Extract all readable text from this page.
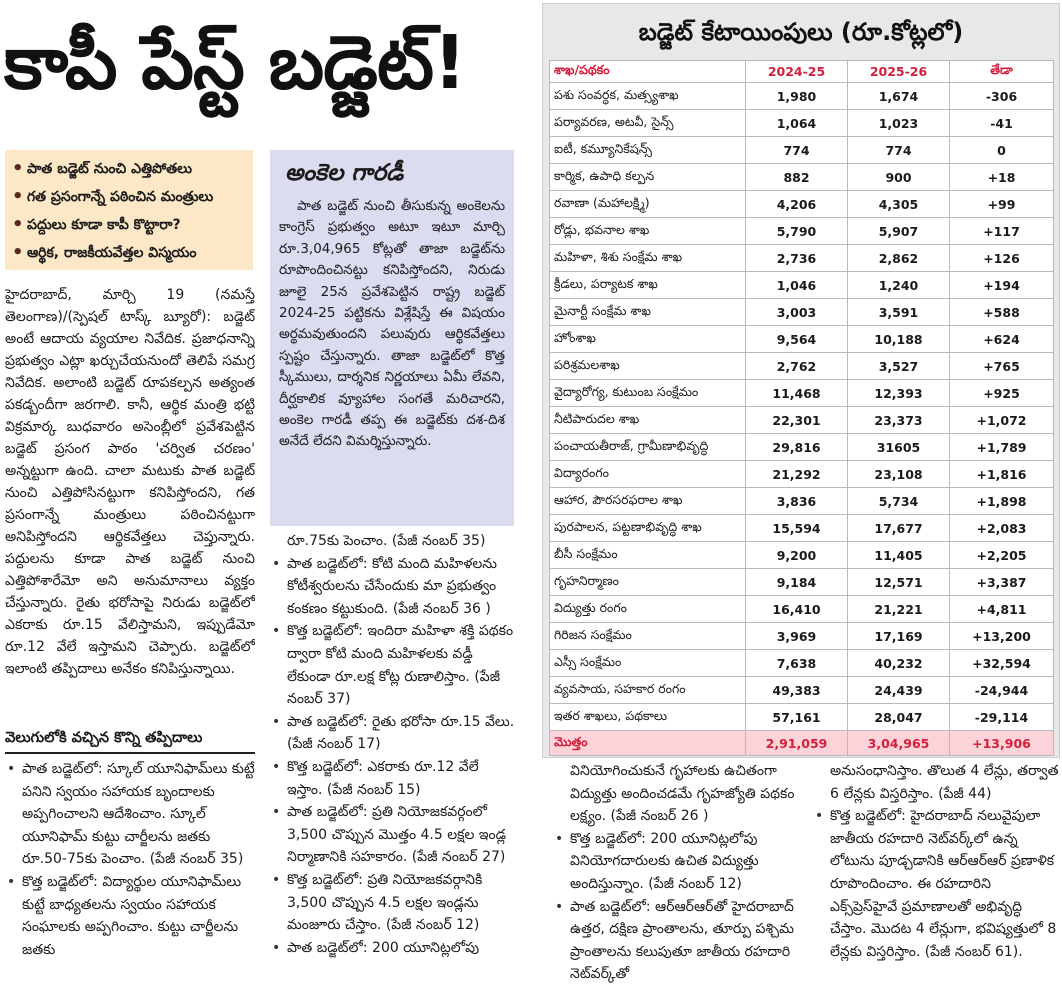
కాపీ పేస్ట్ బడ్జెట్!
• పాత బడ్జెట్ నుంచి ఎత్తిపోతలు
• గత ప్రసంగాన్నే పఠించిన మంత్రులు
• పద్దులు కూడా కాపీ కొట్టారా?
• ఆర్థిక, రాజకీయవేత్తల విస్మయం
అంకెల గారడీ
పాత బడ్జెట్ నుంచి తీసుకున్న అంకెలను కాంగ్రెస్ ప్రభుత్వం అటూ ఇటూ మార్చి రూ.3,04,965 కోట్లతో తాజా బడ్జెట్‌ను రూపొందించినట్టు కనిపిస్తోందని, నిరుడు జూలై 25న ప్రవేశపెట్టిన రాష్ట్ర బడ్జెట్ 2024-25 పట్టికను విశ్లేషిస్తే ఈ విషయం అర్థమవుతుందని పలువురు ఆర్థికవేత్తలు స్పష్టం చేస్తున్నారు. తాజా బడ్జెట్‌లో కొత్త స్కీములు, దార్శనిక నిర్ణయాలు ఏమీ లేవని, దీర్ఘకాలిక వ్యూహాల సంగతే మరిచారని, అంకెల గారడీ తప్ప ఈ బడ్జెట్‌కు దశ-దిశ అనేదే లేదని విమర్శిస్తున్నారు.
హైదరాబాద్, మార్చి 19 (నమస్తే తెలంగాణ)/(స్పెషల్ టాస్క్ బ్యూరో): బడ్జెట్ అంటే ఆదాయ వ్యయాల నివేదిక. ప్రజాధనాన్ని ప్రభుత్వం ఎట్లా ఖర్చుచేయనుందో తెలిపే సమగ్ర నివేదిక. అలాంటి బడ్జెట్ రూపకల్పన అత్యంత పకడ్బందీగా జరగాలి. కానీ, ఆర్థిక మంత్రి భట్టి విక్రమార్క బుధవారం అసెంబ్లీలో ప్రవేశపెట్టిన బడ్జెట్ ప్రసంగ పాఠం 'చర్విత చరణం' అన్నట్టుగా ఉంది. చాలా మటుకు పాత బడ్జెట్ నుంచి ఎత్తిపోసినట్టుగా కనిపిస్తోందని, గత ప్రసంగాన్నే మంత్రులు పఠించినట్టుగా అనిపిస్తోందని ఆర్థికవేత్తలు చెప్తున్నారు. పద్దులను కూడా పాత బడ్జెట్ నుంచి ఎత్తిపోశారేమో అని అనుమానాలు వ్యక్తం చేస్తున్నారు. రైతు భరోసాపై నిరుడు బడ్జెట్‌లో ఎకరాకు రూ.15 వేలిస్తామని, ఇప్పుడేమో రూ.12 వేలే ఇస్తామని చెప్పారు. బడ్జెట్‌లో ఇలాంటి తప్పిదాలు అనేకం కనిపిస్తున్నాయి.
వెలుగులోకి వచ్చిన కొన్ని తప్పిదాలు
• పాత బడ్జెట్‌లో: స్కూల్ యూనిఫామ్‌లు కుట్టే పనిని స్వయం సహాయక బృందాలకు అప్పగించాలని ఆదేశించాం. స్కూల్ యూనిఫామ్ కుట్టు చార్జీలను జతకు రూ.50-75కు పెంచాం. (పేజీ నంబర్ 35)
• కొత్త బడ్జెట్‌లో: విద్యార్థుల యూనిఫామ్‌లు కుట్టే బాధ్యతలను స్వయం సహాయక సంఘాలకు అప్పగించాం. కుట్టు చార్జీలను జతకు
రూ.75కు పెంచాం. (పేజీ నంబర్ 35)
• పాత బడ్జెట్‌లో: కోటి మంది మహిళలను కోటీశ్వరులను చేసేందుకు మా ప్రభుత్వం కంకణం కట్టుకుంది. (పేజీ నంబర్ 36 )
• కొత్త బడ్జెట్‌లో: ఇందిరా మహిళా శక్తి పథకం ద్వారా కోటి మంది మహిళలకు వడ్డీ లేకుండా రూ.లక్ష కోట్ల రుణాలిస్తాం. (పేజీ నంబర్ 37)
• పాత బడ్జెట్‌లో: రైతు భరోసా రూ.15 వేలు. (పేజీ నంబర్ 17)
• కొత్త బడ్జెట్‌లో: ఎకరాకు రూ.12 వేలే ఇస్తాం. (పేజీ నంబర్ 15)
• పాత బడ్జెట్‌లో: ప్రతి నియోజకవర్గంలో 3,500 చొప్పున మొత్తం 4.5 లక్షల ఇండ్ల నిర్మాణానికి సహకారం. (పేజీ నంబర్ 27)
• కొత్త బడ్జెట్‌లో: ప్రతి నియోజకవర్గానికి 3,500 చొప్పున 4.5 లక్షల ఇండ్లను మంజూరు చేస్తాం. (పేజీ నంబర్ 12)
• పాత బడ్జెట్‌లో: 200 యూనిట్లలోపు
వినియోగించుకునే గృహాలకు ఉచితంగా విద్యుత్తు అందించడమే గృహజ్యోతి పథకం లక్ష్యం. (పేజీ నంబర్ 26 )
• కొత్త బడ్జెట్‌లో: 200 యూనిట్లలోపు వినియోగదారులకు ఉచిత విద్యుత్తు అందిస్తున్నాం. (పేజీ నంబర్ 12)
• పాత బడ్జెట్‌లో: ఆర్ఆర్ఆర్‌తో హైదరాబాద్ ఉత్తర, దక్షిణ ప్రాంతాలను, తూర్పు పశ్చిమ ప్రాంతాలను కలుపుతూ జాతీయ రహదారి నెట్‌వర్క్‌తో
అనుసంధానిస్తాం. తొలుత 4 లేన్లు, తర్వాత 6 లేన్లకు విస్తరిస్తాం. (పేజీ 44)
• కొత్త బడ్జెట్‌లో: హైదరాబాద్ నలువైపులా జాతీయ రహదారి నెట్‌వర్క్‌లో ఉన్న లోటును పూడ్చడానికి ఆర్ఆర్ఆర్ ప్రణాళిక రూపొందించాం. ఈ రహదారిని ఎక్స్‌ప్రెస్‌హైవే ప్రమాణాలతో అభివృద్ధి చేస్తాం. మొదట 4 లేన్లుగా, భవిష్యత్తులో 8 లేన్లకు విస్తరిస్తాం. (పేజీ నంబర్ 61).
బడ్జెట్ కేటాయింపులు (రూ.కోట్లలో)
శాఖ/పథకం	2024-25	2025-26	తేడా
పశు సంవర్ధక, మత్స్యశాఖ	1,980	1,674	-306
పర్యావరణ, అటవీ, సైన్స్	1,064	1,023	-41
ఐటీ, కమ్యూనికేషన్స్	774	774	0
కార్మిక, ఉపాధి కల్పన	882	900	+18
రవాణా (మహాలక్ష్మి)	4,206	4,305	+99
రోడ్లు, భవనాల శాఖ	5,790	5,907	+117
మహిళా, శిశు సంక్షేమ శాఖ	2,736	2,862	+126
క్రీడలు, పర్యాటక శాఖ	1,046	1,240	+194
మైనార్టీ సంక్షేమ శాఖ	3,003	3,591	+588
హోంశాఖ	9,564	10,188	+624
పరిశ్రమలశాఖ	2,762	3,527	+765
వైద్యారోగ్య, కుటుంబ సంక్షేమం	11,468	12,393	+925
నీటిపారుదల శాఖ	22,301	23,373	+1,072
పంచాయతీరాజ్, గ్రామీణాభివృద్ధి	29,816	31605	+1,789
విద్యారంగం	21,292	23,108	+1,816
ఆహార, పౌరసరఫరాల శాఖ	3,836	5,734	+1,898
పురపాలన, పట్టణాభివృద్ధి శాఖ	15,594	17,677	+2,083
బీసీ సంక్షేమం	9,200	11,405	+2,205
గృహనిర్మాణం	9,184	12,571	+3,387
విద్యుత్తు రంగం	16,410	21,221	+4,811
గిరిజన సంక్షేమం	3,969	17,169	+13,200
ఎస్సీ సంక్షేమం	7,638	40,232	+32,594
వ్యవసాయ, సహకార రంగం	49,383	24,439	-24,944
ఇతర శాఖలు, పథకాలు	57,161	28,047	-29,114
మొత్తం	2,91,059	3,04,965	+13,906
